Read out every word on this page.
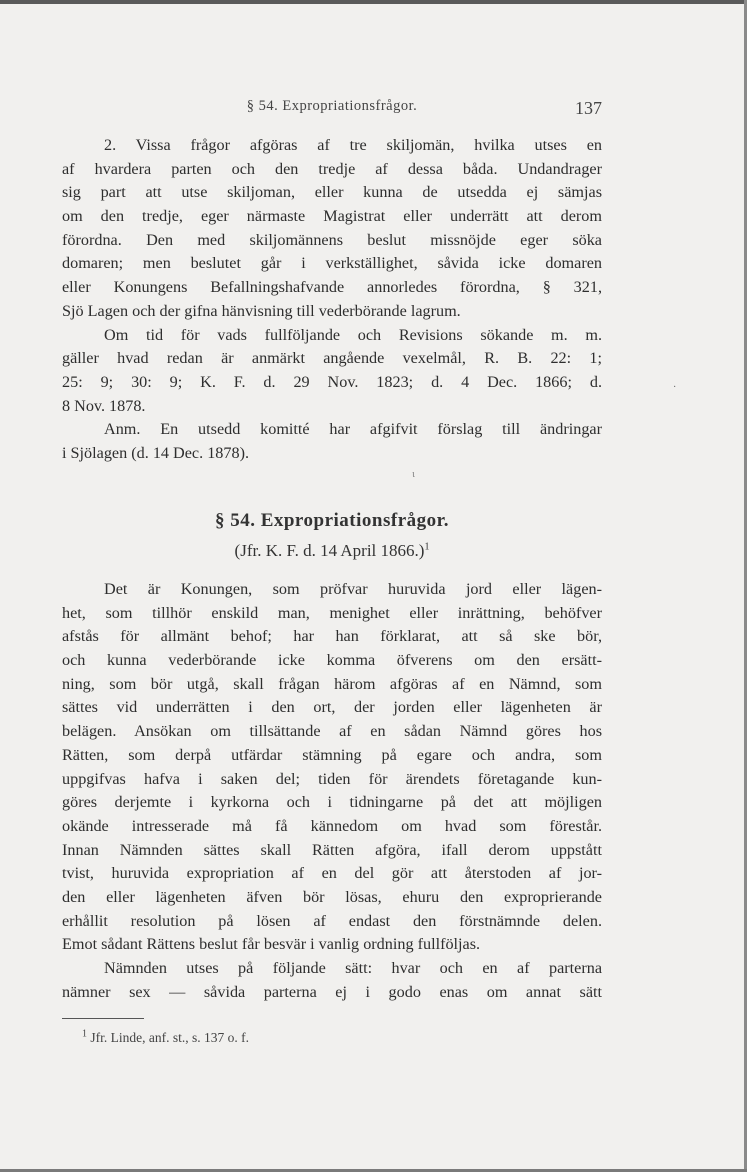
§ 54. Expropriationsfrågor.	137
2. Vissa frågor afgöras af tre skiljomän, hvilka utses en
af hvardera parten och den tredje af dessa båda. Undandrager
sig part att utse skiljoman, eller kunna de utsedda ej sämjas
om den tredje, eger närmaste Magistrat eller underrätt att derom
förordna. Den med skiljomännens beslut missnöjde eger söka
domaren; men beslutet går i verkställighet, såvida icke domaren
eller Konungens Befallningshafvande annorledes förordna, § 321,
Sjö Lagen och der gifna hänvisning till vederbörande lagrum.
Om tid för vads fullföljande och Revisions sökande m. m.
gäller hvad redan är anmärkt angående vexelmål, R. B. 22: 1;
25: 9; 30: 9; K. F. d. 29 Nov. 1823; d. 4 Dec. 1866; d.
8 Nov. 1878.
Anm. En utsedd komitté har afgifvit förslag till ändringar
i Sjölagen (d. 14 Dec. 1878).
ι
·
§ 54. Expropriationsfrågor.
(Jfr. K. F. d. 14 April 1866.)$^1$
Det är Konungen, som pröfvar huruvida jord eller lägen-
het, som tillhör enskild man, menighet eller inrättning, behöfver
afstås för allmänt behof; har han förklarat, att så ske bör,
och kunna vederbörande icke komma öfverens om den ersätt-
ning, som bör utgå, skall frågan härom afgöras af en Nämnd, som
sättes vid underrätten i den ort, der jorden eller lägenheten är
belägen. Ansökan om tillsättande af en sådan Nämnd göres hos
Rätten, som derpå utfärdar stämning på egare och andra, som
uppgifvas hafva i saken del; tiden för ärendets företagande kun-
göres derjemte i kyrkorna och i tidningarne på det att möjligen
okände intresserade må få kännedom om hvad som förestår.
Innan Nämnden sättes skall Rätten afgöra, ifall derom uppstått
tvist, huruvida expropriation af en del gör att återstoden af jor-
den eller lägenheten äfven bör lösas, ehuru den exproprierande
erhållit resolution på lösen af endast den förstnämnde delen.
Emot sådant Rättens beslut får besvär i vanlig ordning fullföljas.
Nämnden utses på följande sätt: hvar och en af parterna
nämner sex — såvida parterna ej i godo enas om annat sätt
$^1$ Jfr. Linde, anf. st., s. 137 o. f.
